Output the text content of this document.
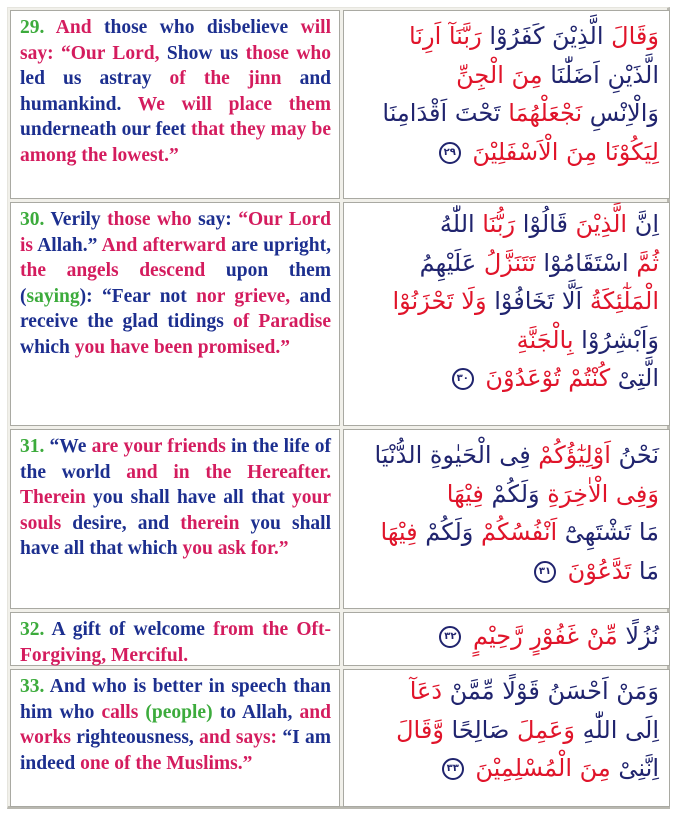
29. And those who disbelieve will say: “Our Lord, Show us those who led us astray of the jinn and humankind. We will place them underneath our feet that they may be among the lowest.”

وَقَالَ الَّذِيْنَ كَفَرُوْا رَبَّنَآ اَرِنَا
الَّذَيْنِ اَضَلّٰنَا مِنَ الْجِنِّ
وَالْاِنْسِ نَجْعَلْهُمَا تَحْتَ اَقْدَامِنَا
لِيَكُوْنَا مِنَ الْاَسْفَلِيْنَ ٢٩

30. Verily those who say: “Our Lord is Allah.” And afterward are upright, the angels descend upon them (saying): “Fear not nor grieve, and receive the glad tidings of Paradise which you have been promised.”

اِنَّ الَّذِيْنَ قَالُوْا رَبُّنَا اللّٰهُ
ثُمَّ اسْتَقَامُوْا تَتَنَزَّلُ عَلَيْهِمُ
الْمَلٰٓئِكَةُ اَلَّا تَخَافُوْا وَلَا تَحْزَنُوْا
وَاَبْشِرُوْا بِالْجَنَّةِ
الَّتِىْ كُنْتُمْ تُوْعَدُوْنَ ٣٠

31. “We are your friends in the life of the world and in the Hereafter. Therein you shall have all that your souls desire, and therein you shall have all that which you ask for.”

نَحْنُ اَوْلِيٰٓؤُكُمْ فِى الْحَيٰوةِ الدُّنْيَا
وَفِى الْاٰخِرَةِ وَلَكُمْ فِيْهَا
مَا تَشْتَهِىْٓ اَنْفُسُكُمْ وَلَكُمْ فِيْهَا
مَا تَدَّعُوْنَ ٣١

32. A gift of welcome from the Oft-Forgiving, Merciful.

نُزُلًا مِّنْ غَفُوْرٍ رَّحِيْمٍ ٣٢

33. And who is better in speech than him who calls (people) to Allah, and works righteousness, and says: “I am indeed one of the Muslims.”

وَمَنْ اَحْسَنُ قَوْلًا مِّمَّنْ دَعَآ
اِلَى اللّٰهِ وَعَمِلَ صَالِحًا وَّقَالَ
اِنَّنِىْ مِنَ الْمُسْلِمِيْنَ ٣٣
